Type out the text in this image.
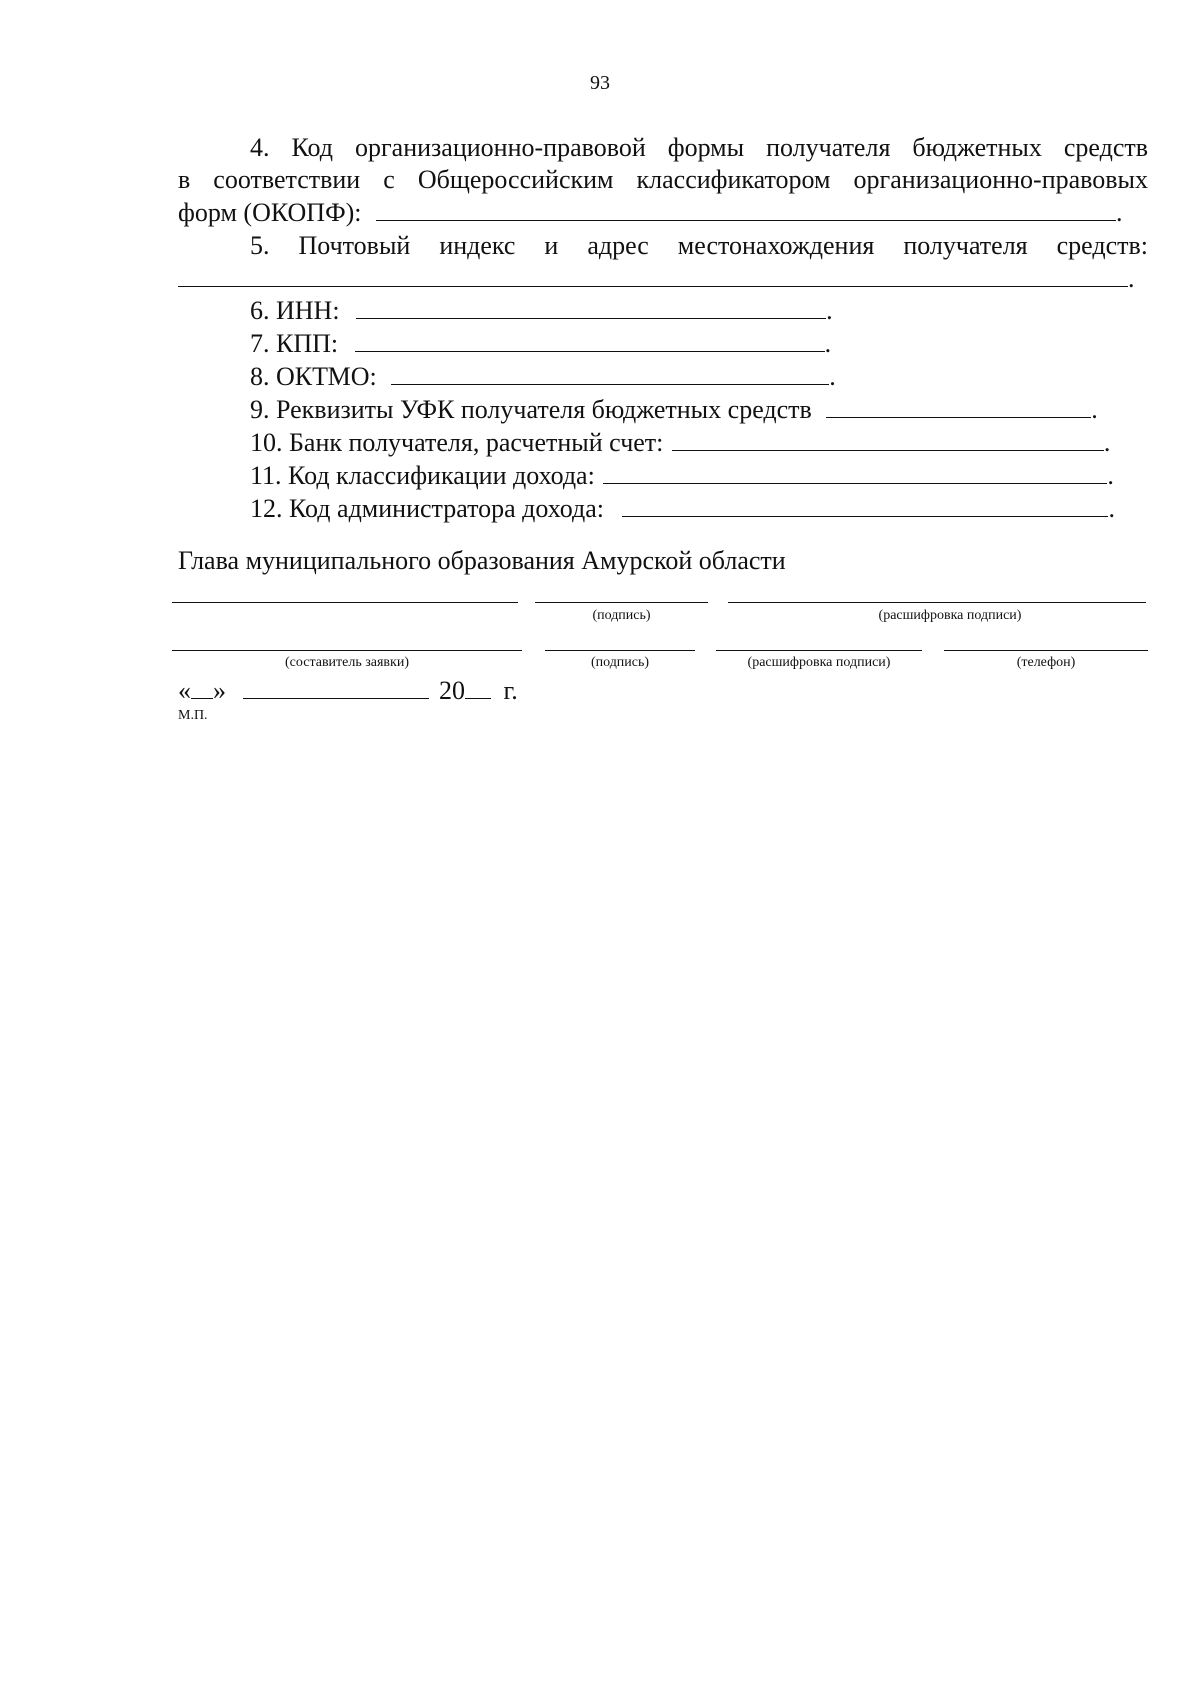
93
4. Код организационно-правовой формы получателя бюджетных средств
в соответствии с Общероссийским классификатором организационно-правовых
форм (ОКОПФ):	.
5. Почтовый индекс и адрес местонахождения получателя средств:
.
6. ИНН:	.
7. КПП:	.
8. ОКТМО:	.
9. Реквизиты УФК получателя бюджетных средств	.
10. Банк получателя, расчетный счет:	.
11. Код классификации дохода:	.
12. Код администратора дохода:	.
Глава муниципального образования Амурской области
(подпись)	(расшифровка подписи)
(составитель заявки)	(подпись)	(расшифровка подписи)	(телефон)
« »	20 г.
М.П.
